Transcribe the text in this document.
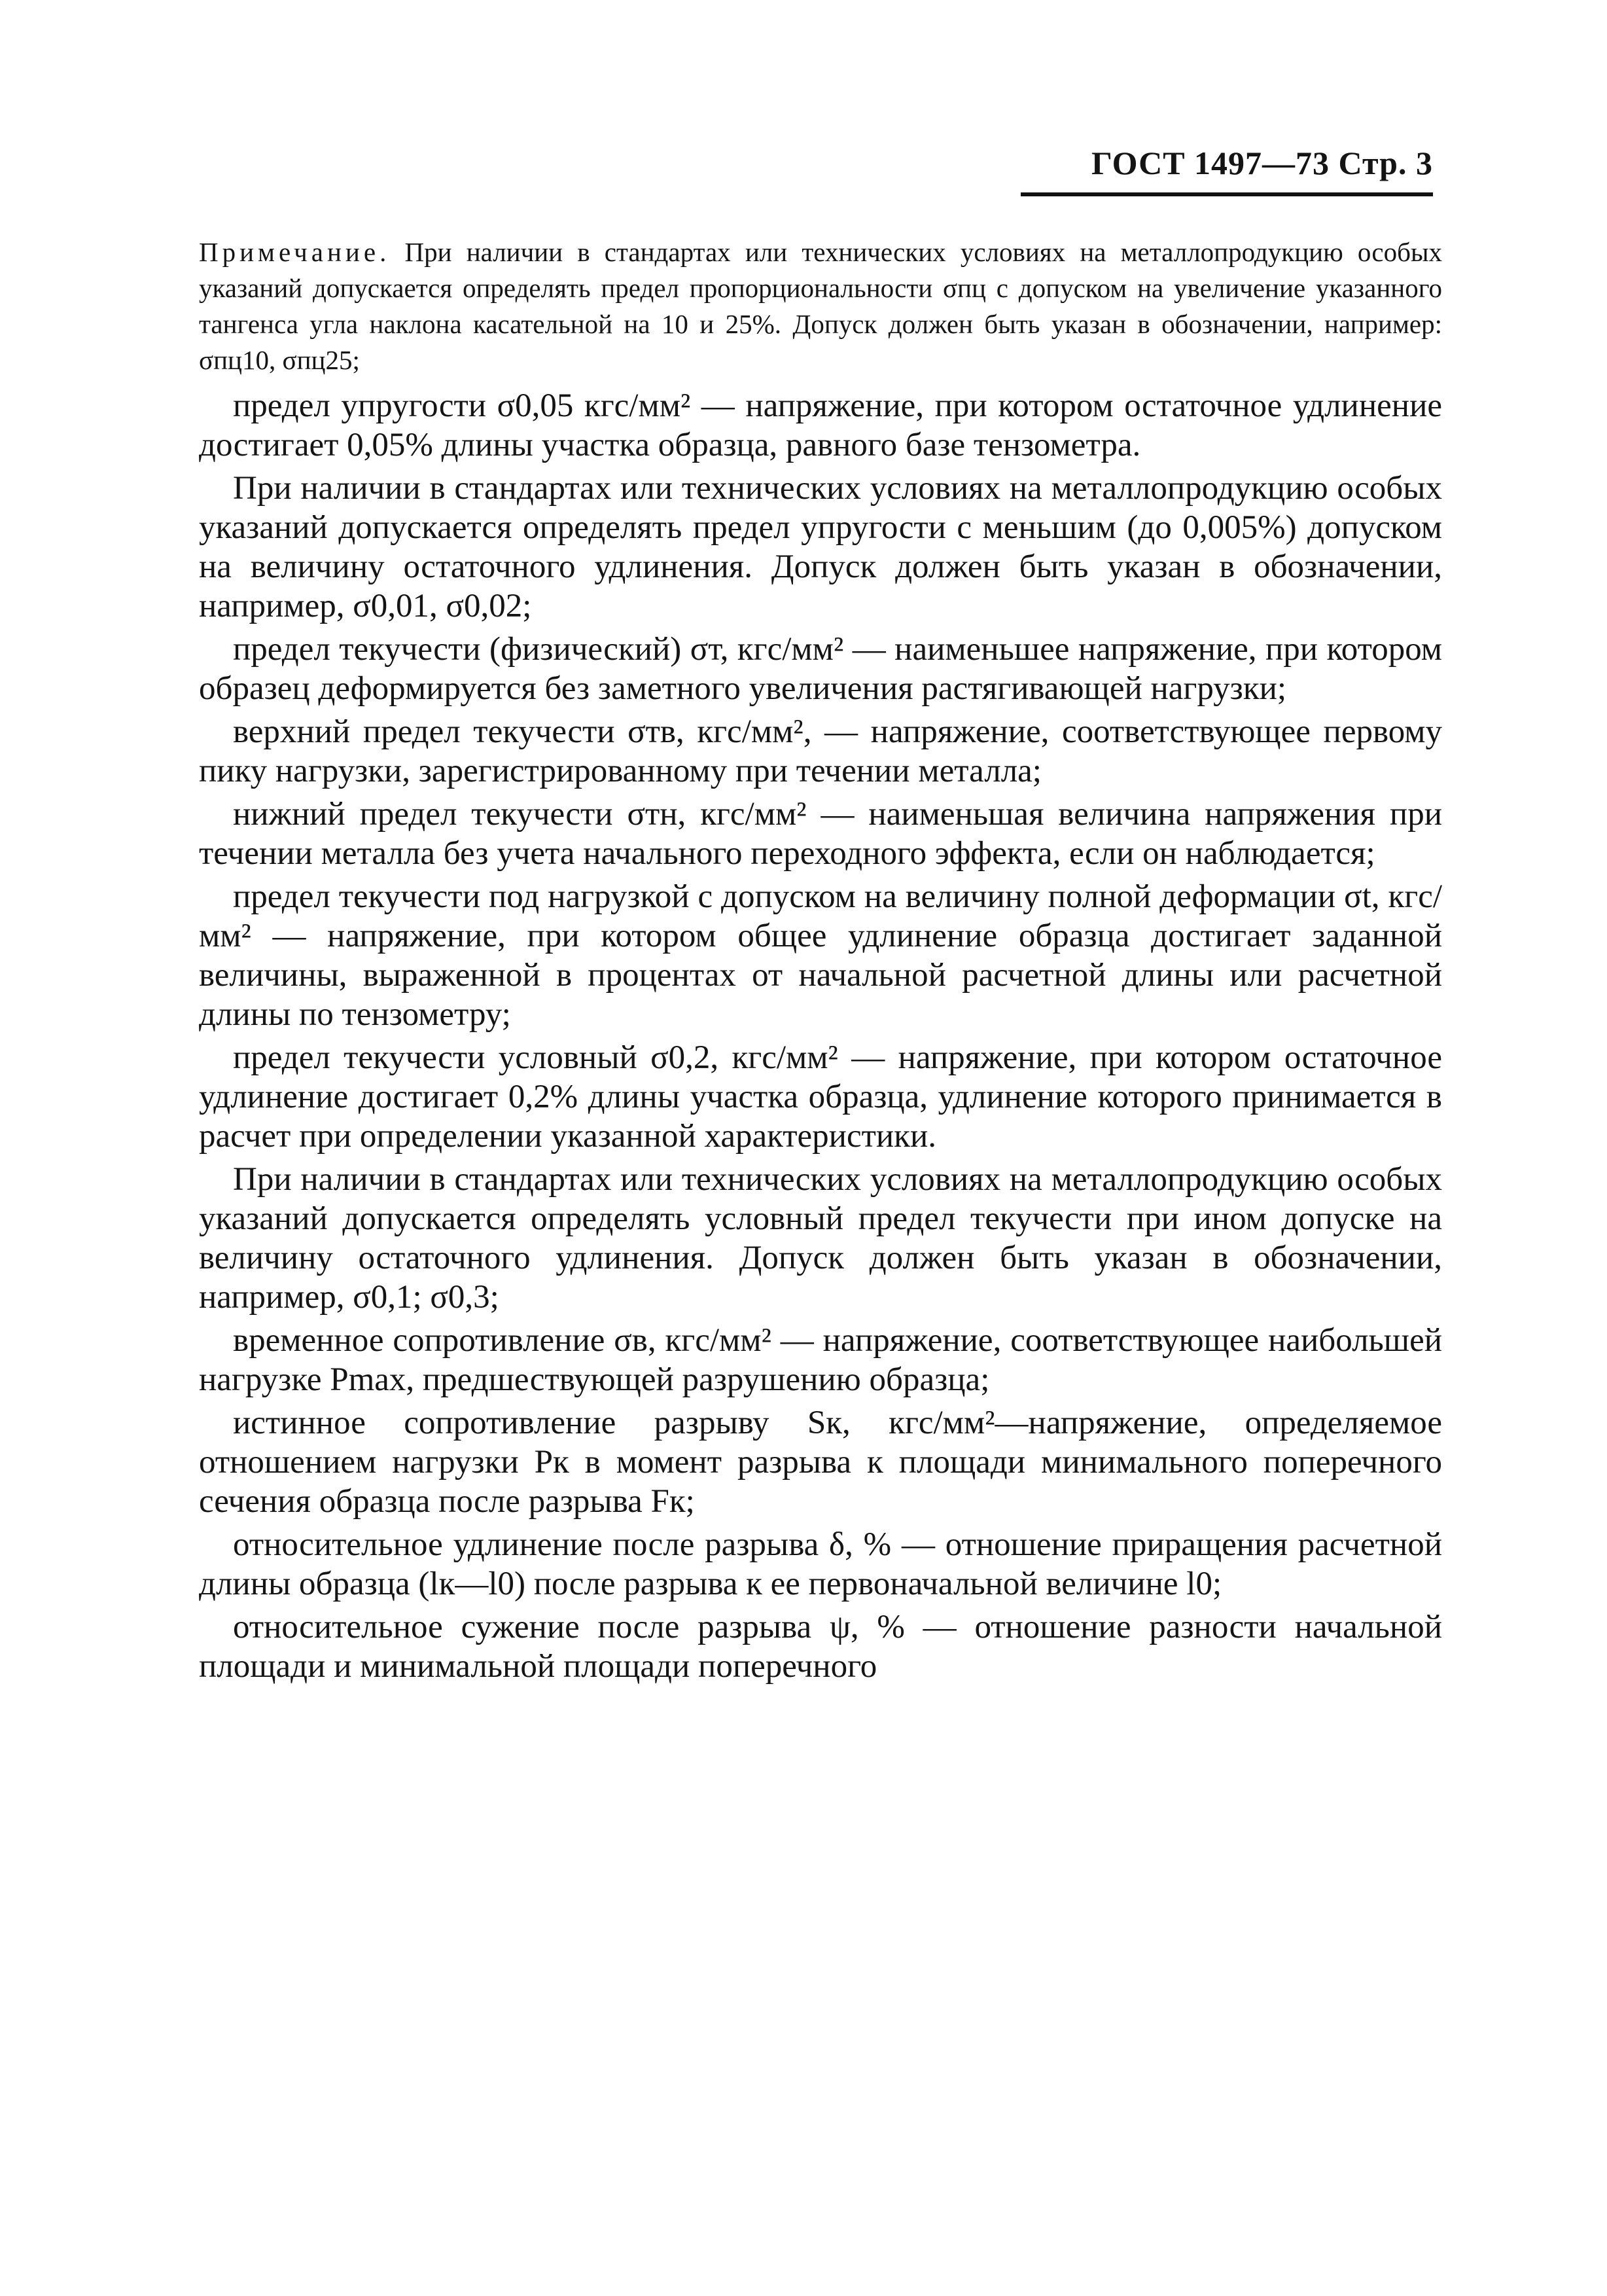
ГОСТ 1497—73 Стр. 3
Примечание. При наличии в стандартах или технических условиях на металлопродукцию особых указаний допускается определять предел пропорциональности σпц с допуском на увеличение указанного тангенса угла наклона касательной на 10 и 25%. Допуск должен быть указан в обозначении, например: σпц10, σпц25;

предел упругости σ0,05 кгс/мм² — напряжение, при котором остаточное удлинение достигает 0,05% длины участка образца, равного базе тензометра.

При наличии в стандартах или технических условиях на металлопродукцию особых указаний допускается определять предел упругости с меньшим (до 0,005%) допуском на величину остаточного удлинения. Допуск должен быть указан в обозначении, например, σ0,01, σ0,02;

предел текучести (физический) σт, кгс/мм² — наименьшее напряжение, при котором образец деформируется без заметного увеличения растягивающей нагрузки;

верхний предел текучести σтв, кгс/мм², — напряжение, соответствующее первому пику нагрузки, зарегистрированному при течении металла;

нижний предел текучести σтн, кгс/мм² — наименьшая величина напряжения при течении металла без учета начального переходного эффекта, если он наблюдается;

предел текучести под нагрузкой с допуском на величину полной деформации σt, кгс/мм² — напряжение, при котором общее удлинение образца достигает заданной величины, выраженной в процентах от начальной расчетной длины или расчетной длины по тензометру;

предел текучести условный σ0,2, кгс/мм² — напряжение, при котором остаточное удлинение достигает 0,2% длины участка образца, удлинение которого принимается в расчет при определении указанной характеристики.

При наличии в стандартах или технических условиях на металлопродукцию особых указаний допускается определять условный предел текучести при ином допуске на величину остаточного удлинения. Допуск должен быть указан в обозначении, например, σ0,1; σ0,3;

временное сопротивление σв, кгс/мм² — напряжение, соответствующее наибольшей нагрузке Pmax, предшествующей разрушению образца;

истинное сопротивление разрыву Sк, кгс/мм²—напряжение, определяемое отношением нагрузки Pк в момент разрыва к площади минимального поперечного сечения образца после разрыва Fк;

относительное удлинение после разрыва δ, % — отношение приращения расчетной длины образца (lк—l0) после разрыва к ее первоначальной величине l0;

относительное сужение после разрыва ψ, % — отношение разности начальной площади и минимальной площади поперечного
